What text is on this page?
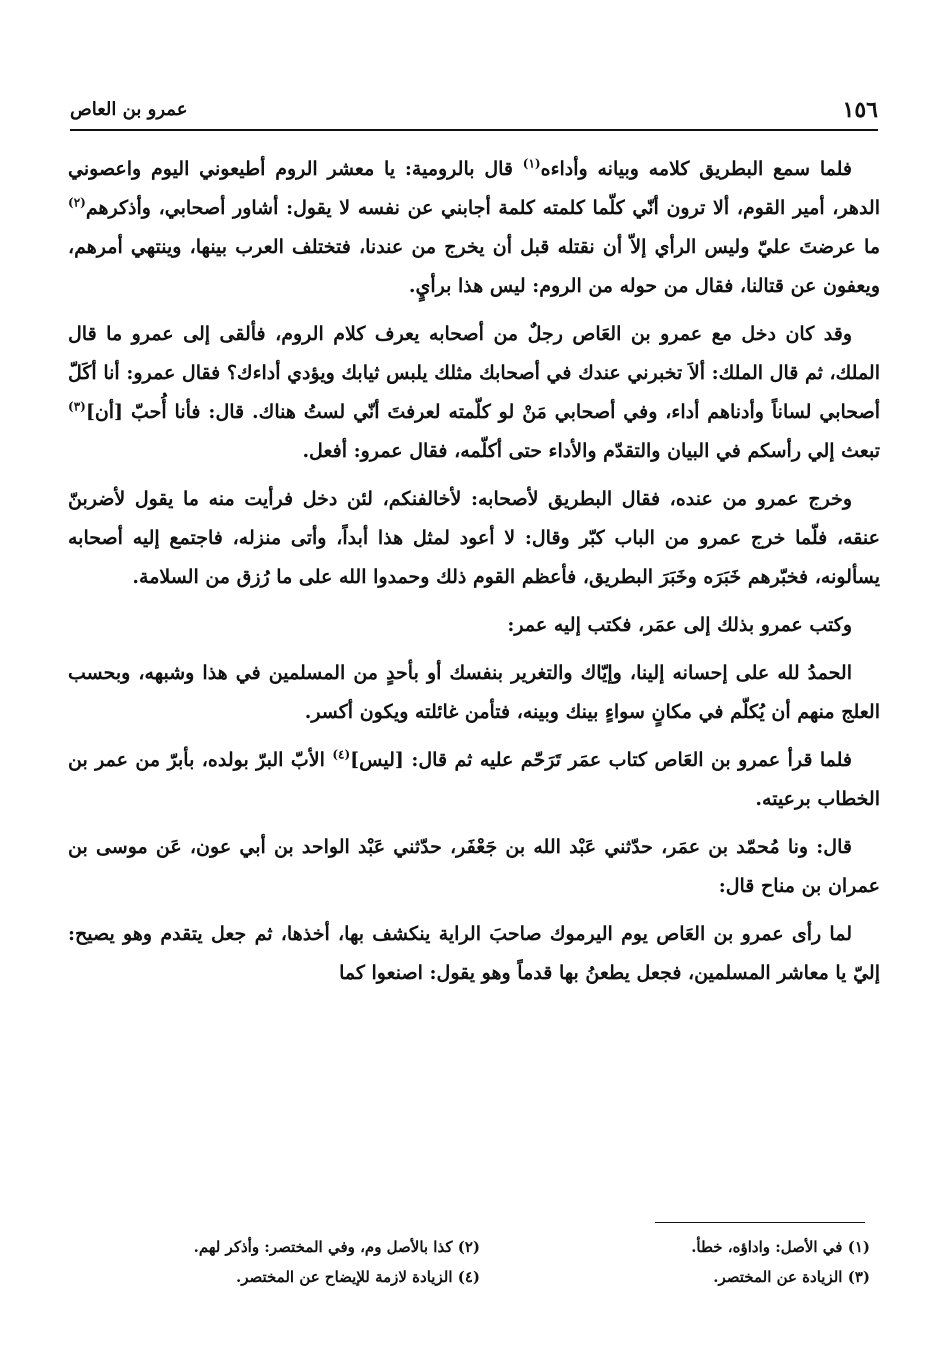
١٥٦
عمرو بن العاص

فلما سمع البطريق كلامه وبيانه وأداءه$^{(١)}$ قال بالرومية: يا معشر الروم أطيعوني اليوم واعصوني الدهر، أمير القوم، ألا ترون أنّي كلّما كلمته كلمة أجابني عن نفسه لا يقول: أشاور أصحابي، وأذكرهم$^{(٢)}$ ما عرضتَ عليّ وليس الرأي إلاّ أن نقتله قبل أن يخرج من عندنا، فتختلف العرب بينها، وينتهي أمرهم، ويعفون عن قتالنا، فقال من حوله من الروم: ليس هذا برأيٍ.

وقد كان دخل مع عمرو بن العَاص رجلٌ من أصحابه يعرف كلام الروم، فألقى إلى عمرو ما قال الملك، ثم قال الملك: ألاَ تخبرني عندك في أصحابك مثلك يلبس ثيابك ويؤدي أداءك؟ فقال عمرو: أنا أكَلّ أصحابي لساناً وأدناهم أداء، وفي أصحابي مَنْ لو كلّمته لعرفتَ أنّي لستُ هناك. قال: فأنا أُحبّ [أن]$^{(٣)}$ تبعث إلي رأسكم في البيان والتقدّم والأداء حتى أكلّمه، فقال عمرو: أفعل.

وخرج عمرو من عنده، فقال البطريق لأصحابه: لأخالفنكم، لئن دخل فرأيت منه ما يقول لأضربنّ عنقه، فلّما خرج عمرو من الباب كبّر وقال: لا أعود لمثل هذا أبداً، وأتى منزله، فاجتمع إليه أصحابه يسألونه، فخبّرهم خَبَرَه وخَبَرَ البطريق، فأعظم القوم ذلك وحمدوا الله على ما رُزق من السلامة.

وكتب عمرو بذلك إلى عمَر، فكتب إليه عمر:

الحمدُ لله على إحسانه إلينا، وإيّاك والتغرير بنفسك أو بأحدٍ من المسلمين في هذا وشبهه، وبحسب العلج منهم أن يُكلّم في مكانٍ سواءٍ بينك وبينه، فتأمن غائلته ويكون أكسر.

فلما قرأ عمرو بن العَاص كتاب عمَر تَرَحّم عليه ثم قال: [ليس]$^{(٤)}$ الأبّ البرّ بولده، بأبرّ من عمر بن الخطاب برعيته.

قال: ونا مُحمّد بن عمَر، حدّثني عَبْد الله بن جَعْفَر، حدّثني عَبْد الواحد بن أبي عون، عَن موسى بن عمران بن مناح قال:

لما رأى عمرو بن العَاص يوم اليرموك صاحبَ الراية ينكشف بها، أخذها، ثم جعل يتقدم وهو يصيح: إليّ يا معاشر المسلمين، فجعل يطعنُ بها قدماً وهو يقول: اصنعوا كما

(١) في الأصل: واداؤه، خطأ.
(٢) كذا بالأصل وم، وفي المختصر: وأذكر لهم.
(٣) الزيادة عن المختصر.
(٤) الزيادة لازمة للإيضاح عن المختصر.
